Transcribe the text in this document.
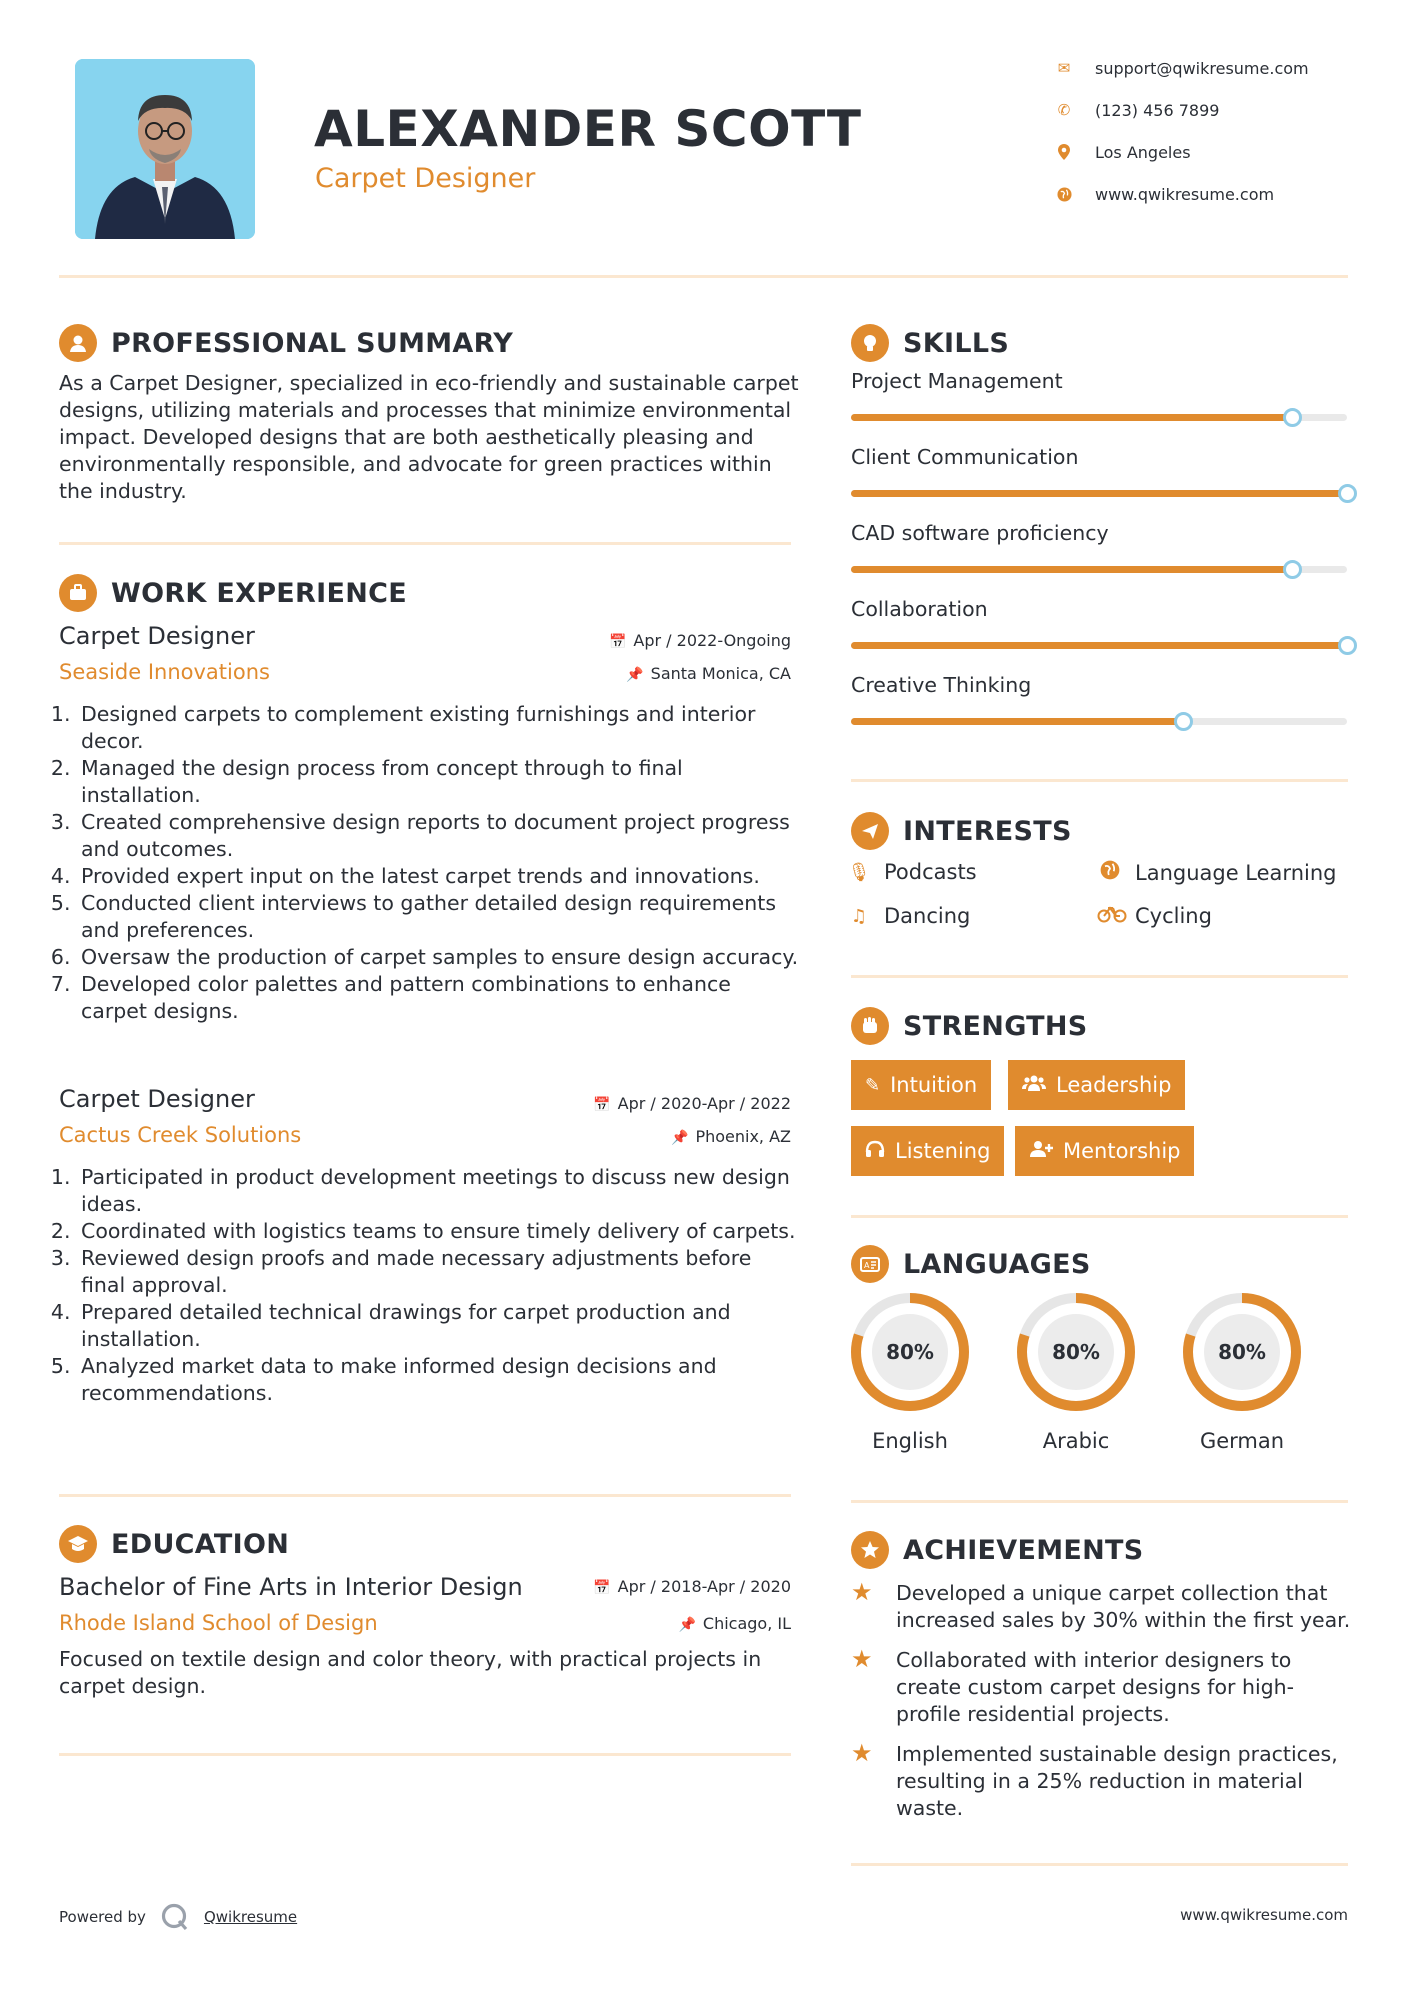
ALEXANDER SCOTT
Carpet Designer
✉ support@qwikresume.com
✆ (123) 456 7899
Los Angeles
www.qwikresume.com
PROFESSIONAL SUMMARY
As a Carpet Designer, specialized in eco-friendly and sustainable carpet designs, utilizing materials and processes that minimize environmental impact. Developed designs that are both aesthetically pleasing and environmentally responsible, and advocate for green practices within the industry.
WORK EXPERIENCE
Carpet Designer	📅 Apr / 2022-Ongoing
Seaside Innovations	📌 Santa Monica, CA
1. Designed carpets to complement existing furnishings and interior decor.
2. Managed the design process from concept through to final installation.
3. Created comprehensive design reports to document project progress and outcomes.
4. Provided expert input on the latest carpet trends and innovations.
5. Conducted client interviews to gather detailed design requirements and preferences.
6. Oversaw the production of carpet samples to ensure design accuracy.
7. Developed color palettes and pattern combinations to enhance carpet designs.
Carpet Designer	📅 Apr / 2020-Apr / 2022
Cactus Creek Solutions	📌 Phoenix, AZ
1. Participated in product development meetings to discuss new design ideas.
2. Coordinated with logistics teams to ensure timely delivery of carpets.
3. Reviewed design proofs and made necessary adjustments before final approval.
4. Prepared detailed technical drawings for carpet production and installation.
5. Analyzed market data to make informed design decisions and recommendations.
EDUCATION
Bachelor of Fine Arts in Interior Design	📅 Apr / 2018-Apr / 2020
Rhode Island School of Design	📌 Chicago, IL
Focused on textile design and color theory, with practical projects in carpet design.
SKILLS
Project Management
Client Communication
CAD software proficiency
Collaboration
Creative Thinking
INTERESTS
🎙 Podcasts	Language Learning
♫ Dancing	Cycling
STRENGTHS
✎ Intuition	Leadership
Listening	Mentorship
A LANGUAGES
80%	80%	80%
English	Arabic	German
ACHIEVEMENTS
★	Developed a unique carpet collection that increased sales by 30% within the first year.
★	Collaborated with interior designers to create custom carpet designs for high-profile residential projects.
★	Implemented sustainable design practices, resulting in a 25% reduction in material waste.
Powered by	Qwikresume	www.qwikresume.com
